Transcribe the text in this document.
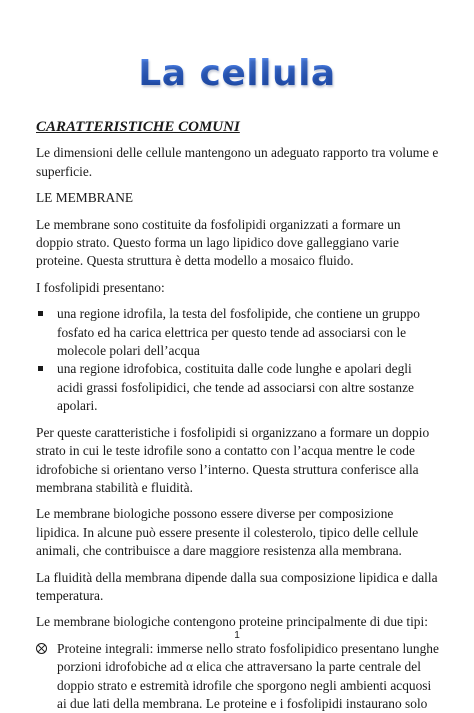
La cellula
CARATTERISTICHE COMUNI

Le dimensioni delle cellule mantengono un adeguato rapporto tra volume e superficie.

LE MEMBRANE

Le membrane sono costituite da fosfolipidi organizzati a formare un doppio strato. Questo forma un lago lipidico dove galleggiano varie proteine. Questa struttura è detta modello a mosaico fluido.

I fosfolipidi presentano:

una regione idrofila, la testa del fosfolipide, che contiene un gruppo fosfato ed ha carica elettrica per questo tende ad associarsi con le molecole polari dell’acqua
una regione idrofobica, costituita dalle code lunghe e apolari degli acidi grassi fosfolipidici, che tende ad associarsi con altre sostanze apolari.

Per queste caratteristiche i fosfolipidi si organizzano a formare un doppio strato in cui le teste idrofile sono a contatto con l’acqua mentre le code idrofobiche si orientano verso l’interno. Questa struttura conferisce alla membrana stabilità e fluidità.

Le membrane biologiche possono essere diverse per composizione lipidica. In alcune può essere presente il colesterolo, tipico delle cellule animali, che contribuisce a dare maggiore resistenza alla membrana.

La fluidità della membrana dipende dalla sua composizione lipidica e dalla temperatura.

Le membrane biologiche contengono proteine principalmente di due tipi:

Proteine integrali: immerse nello strato fosfolipidico presentano lunghe porzioni idrofobiche ad α elica che attraversano la parte centrale del doppio strato e estremità idrofile che sporgono negli ambienti acquosi ai due lati della membrana. Le proteine e i fosfolipidi instaurano solo
1
